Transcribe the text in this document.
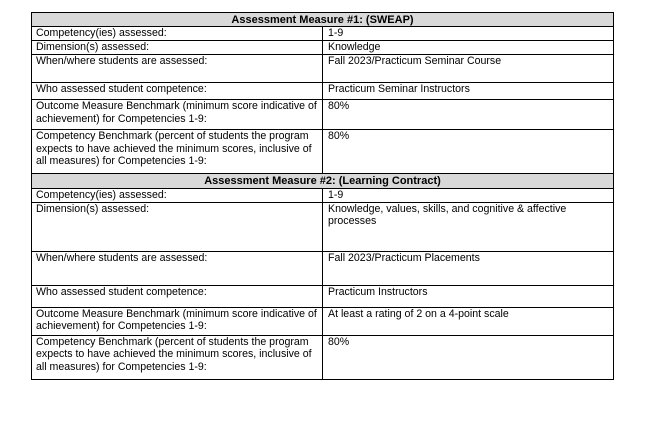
Assessment Measure #1: (SWEAP)	
Competency(ies) assessed:	1-9
Dimension(s) assessed:	Knowledge
When/where students are assessed:	Fall 2023/Practicum Seminar Course
Who assessed student competence:	Practicum Seminar Instructors
Outcome Measure Benchmark (minimum score indicative of achievement) for Competencies 1-9:	80%
Competency Benchmark (percent of students the program expects to have achieved the minimum scores, inclusive of all measures) for Competencies 1-9:	80%
Assessment Measure #2: (Learning Contract)	
Competency(ies) assessed:	1-9
Dimension(s) assessed:	Knowledge, values, skills, and cognitive & affective processes
When/where students are assessed:	Fall 2023/Practicum Placements
Who assessed student competence:	Practicum Instructors
Outcome Measure Benchmark (minimum score indicative of achievement) for Competencies 1-9:	At least a rating of 2 on a 4-point scale
Competency Benchmark (percent of students the program expects to have achieved the minimum scores, inclusive of all measures) for Competencies 1-9:	80%
